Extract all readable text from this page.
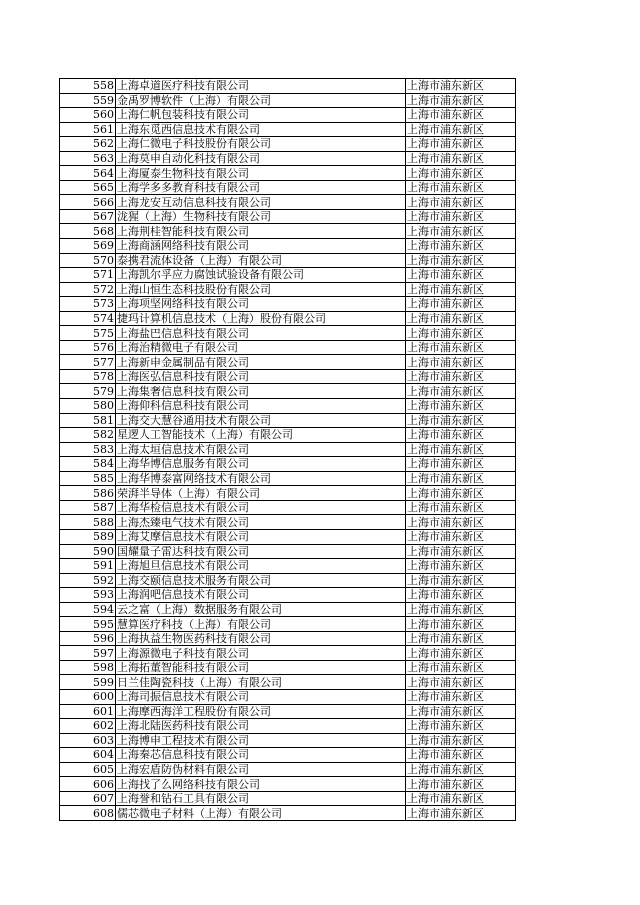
558	上海卓道医疗科技有限公司	上海市浦东新区
559	金禹罗博软件（上海）有限公司	上海市浦东新区
560	上海仁帆包装科技有限公司	上海市浦东新区
561	上海东觅西信息技术有限公司	上海市浦东新区
562	上海仁微电子科技股份有限公司	上海市浦东新区
563	上海莫申自动化科技有限公司	上海市浦东新区
564	上海厦泰生物科技有限公司	上海市浦东新区
565	上海学多多教育科技有限公司	上海市浦东新区
566	上海龙安互动信息科技有限公司	上海市浦东新区
567	泷猩（上海）生物科技有限公司	上海市浦东新区
568	上海荆桂智能科技有限公司	上海市浦东新区
569	上海商涵网络科技有限公司	上海市浦东新区
570	泰携君流体设备（上海）有限公司	上海市浦东新区
571	上海凯尔孚应力腐蚀试验设备有限公司	上海市浦东新区
572	上海山恒生态科技股份有限公司	上海市浦东新区
573	上海项坚网络科技有限公司	上海市浦东新区
574	捷玛计算机信息技术（上海）股份有限公司	上海市浦东新区
575	上海盐巴信息科技有限公司	上海市浦东新区
576	上海治精微电子有限公司	上海市浦东新区
577	上海新申金属制品有限公司	上海市浦东新区
578	上海医弘信息科技有限公司	上海市浦东新区
579	上海集奢信息科技有限公司	上海市浦东新区
580	上海仰科信息科技有限公司	上海市浦东新区
581	上海交大慧谷通用技术有限公司	上海市浦东新区
582	星逻人工智能技术（上海）有限公司	上海市浦东新区
583	上海太垣信息技术有限公司	上海市浦东新区
584	上海华博信息服务有限公司	上海市浦东新区
585	上海华博泰富网络技术有限公司	上海市浦东新区
586	荣湃半导体（上海）有限公司	上海市浦东新区
587	上海华检信息技术有限公司	上海市浦东新区
588	上海杰臻电气技术有限公司	上海市浦东新区
589	上海艾摩信息技术有限公司	上海市浦东新区
590	国耀量子雷达科技有限公司	上海市浦东新区
591	上海旭旦信息技术有限公司	上海市浦东新区
592	上海交颐信息技术服务有限公司	上海市浦东新区
593	上海润吧信息技术有限公司	上海市浦东新区
594	云之富（上海）数据服务有限公司	上海市浦东新区
595	慧算医疗科技（上海）有限公司	上海市浦东新区
596	上海执益生物医药科技有限公司	上海市浦东新区
597	上海源微电子科技有限公司	上海市浦东新区
598	上海拓董智能科技有限公司	上海市浦东新区
599	日兰佳陶瓷科技（上海）有限公司	上海市浦东新区
600	上海司振信息技术有限公司	上海市浦东新区
601	上海摩西海洋工程股份有限公司	上海市浦东新区
602	上海北陆医药科技有限公司	上海市浦东新区
603	上海博申工程技术有限公司	上海市浦东新区
604	上海秦芯信息科技有限公司	上海市浦东新区
605	上海宏盾防伪材料有限公司	上海市浦东新区
606	上海找了么网络科技有限公司	上海市浦东新区
607	上海誉和钻石工具有限公司	上海市浦东新区
608	儒芯微电子材料（上海）有限公司	上海市浦东新区
